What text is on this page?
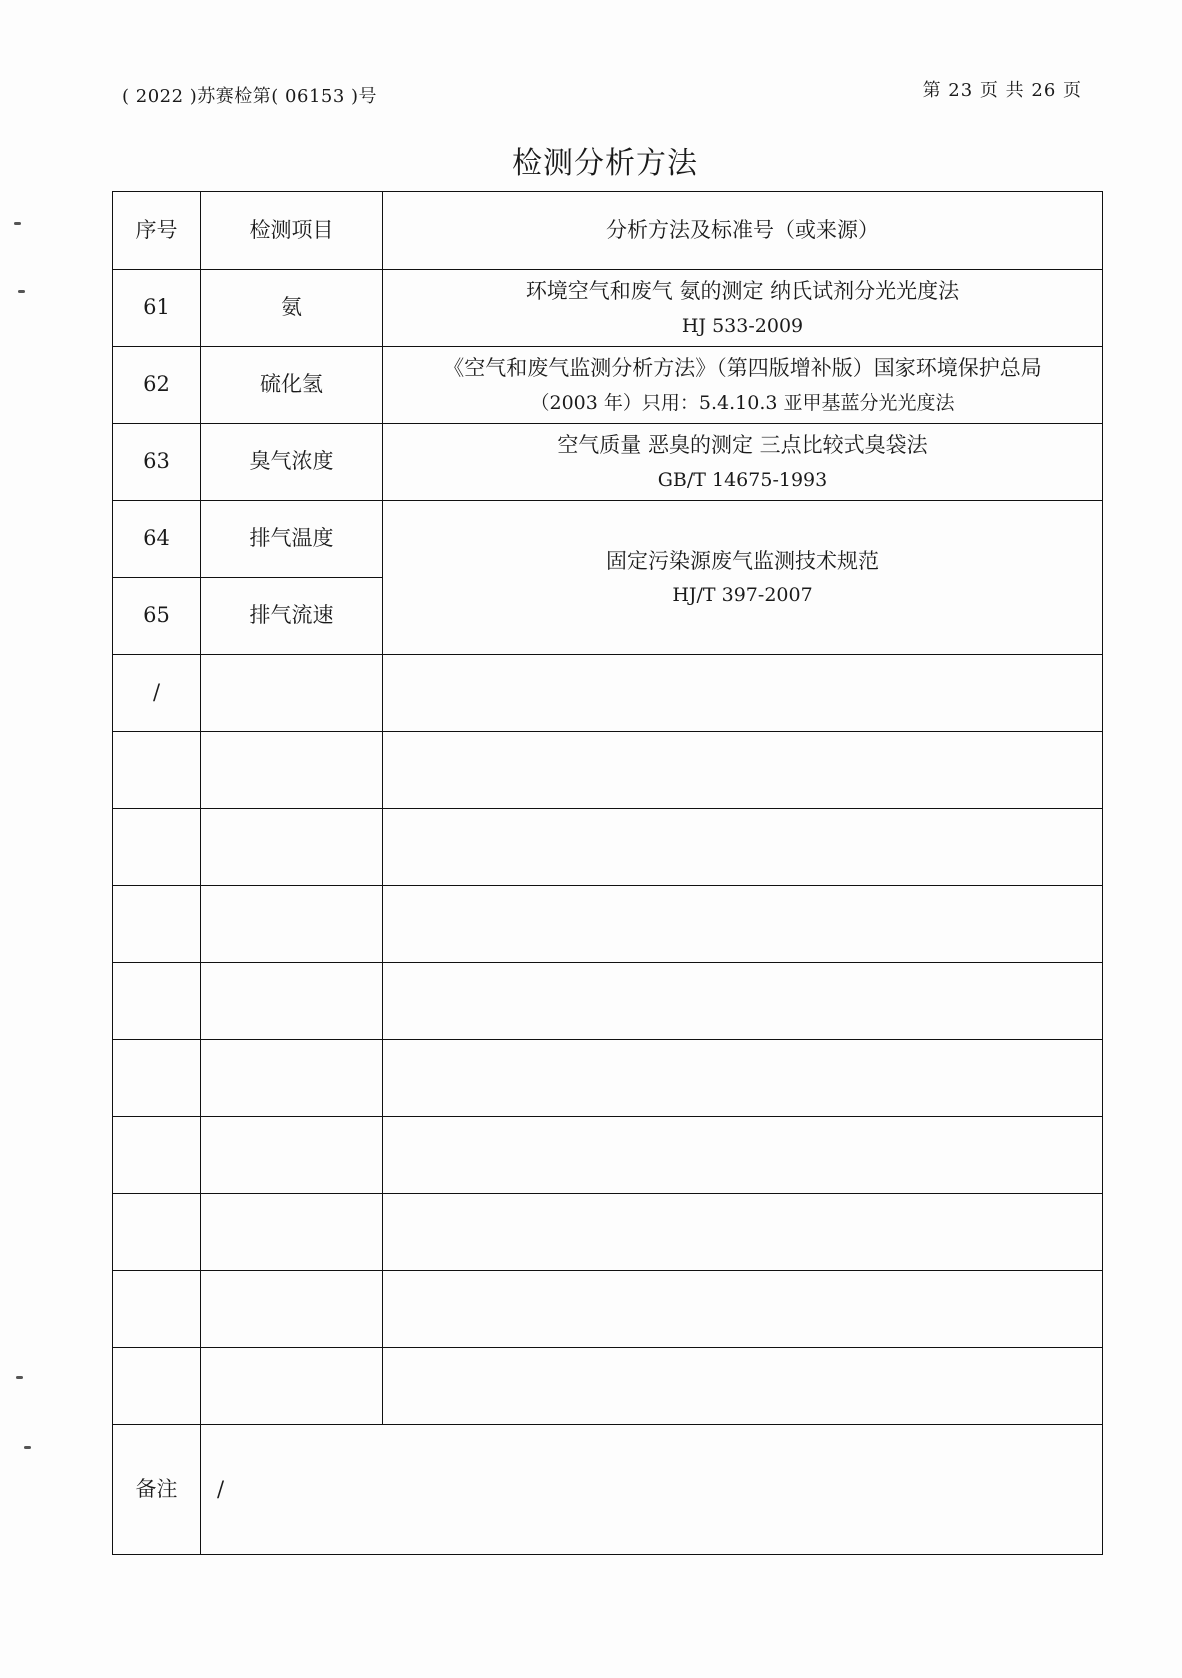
( 2022 )苏赛检第( 06153 )号	第 23 页 共 26 页
检测分析方法
序号	检测项目	分析方法及标准号（或来源）
61	氨	环境空气和废气 氨的测定 纳氏试剂分光光度法
HJ 533-2009

62	硫化氢	《空气和废气监测分析方法》（第四版增补版）国家环境保护总局
（2003 年）只用：5.4.10.3 亚甲基蓝分光光度法

63	臭气浓度	空气质量 恶臭的测定 三点比较式臭袋法
GB/T 14675-1993

64	排气温度	固定污染源废气监测技术规范
HJ/T 397-2007

65	排气流速	
/		

备注	/	
